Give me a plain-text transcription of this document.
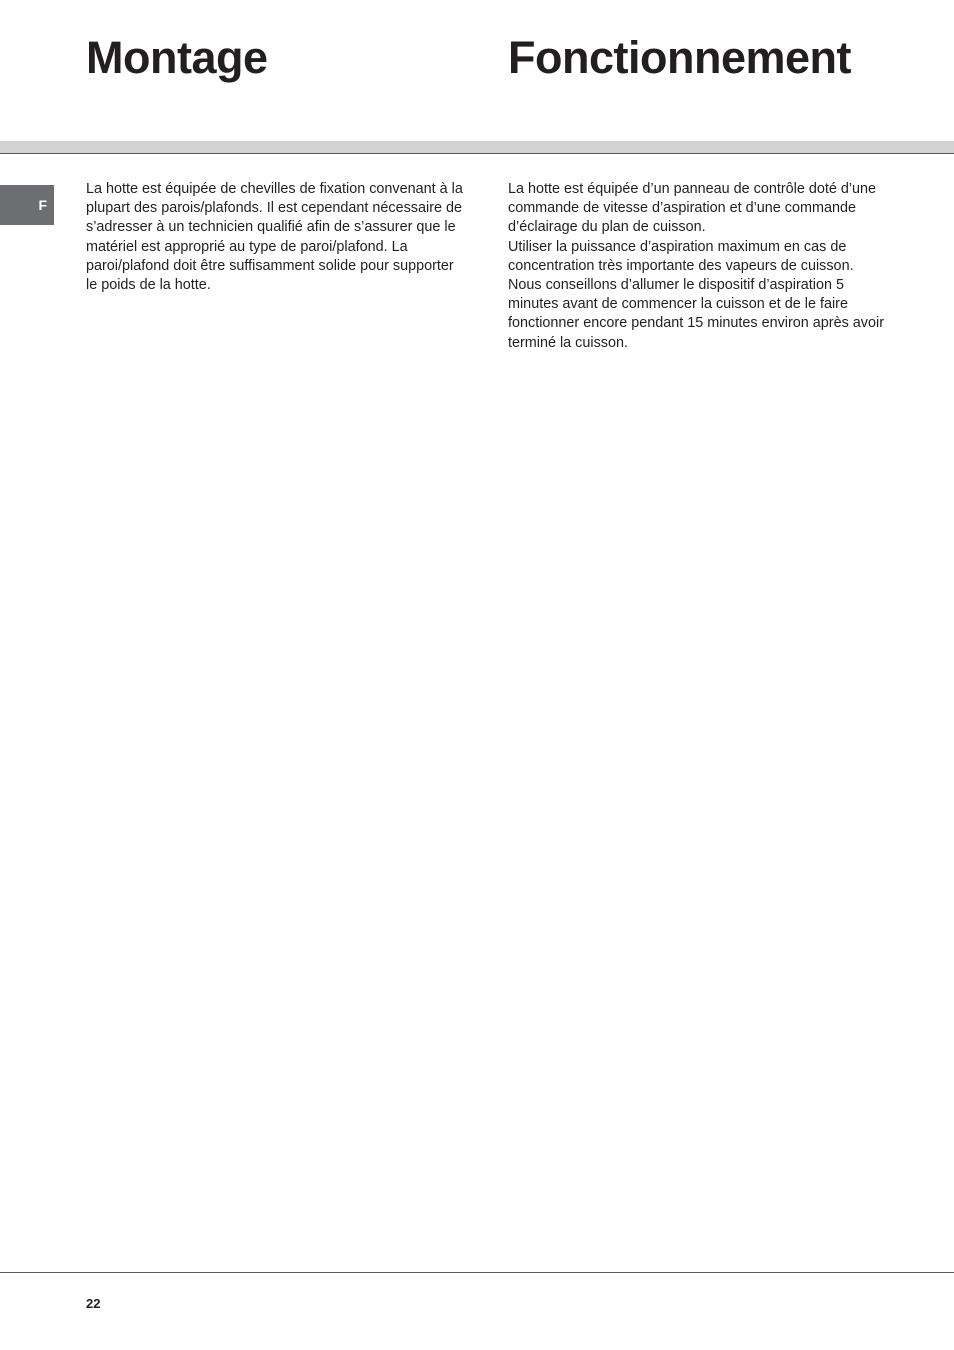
Montage	Fonctionnement
F

La hotte est équipée de chevilles de fixation convenant à la plupart des parois/plafonds. Il est cependant nécessaire de s’adresser à un technicien qualifié afin de s’assurer que le matériel est approprié au type de paroi/plafond. La paroi/plafond doit être suffisamment solide pour supporter le poids de la hotte.

La hotte est équipée d’un panneau de contrôle doté d’une commande de vitesse d’aspiration et d’une commande d’éclairage du plan de cuisson.

Utiliser la puissance d’aspiration maximum en cas de concentration très importante des vapeurs de cuisson.

Nous conseillons d’allumer le dispositif d’aspiration 5 minutes avant de commencer la cuisson et de le faire fonctionner encore pendant 15 minutes environ après avoir terminé la cuisson.

22
